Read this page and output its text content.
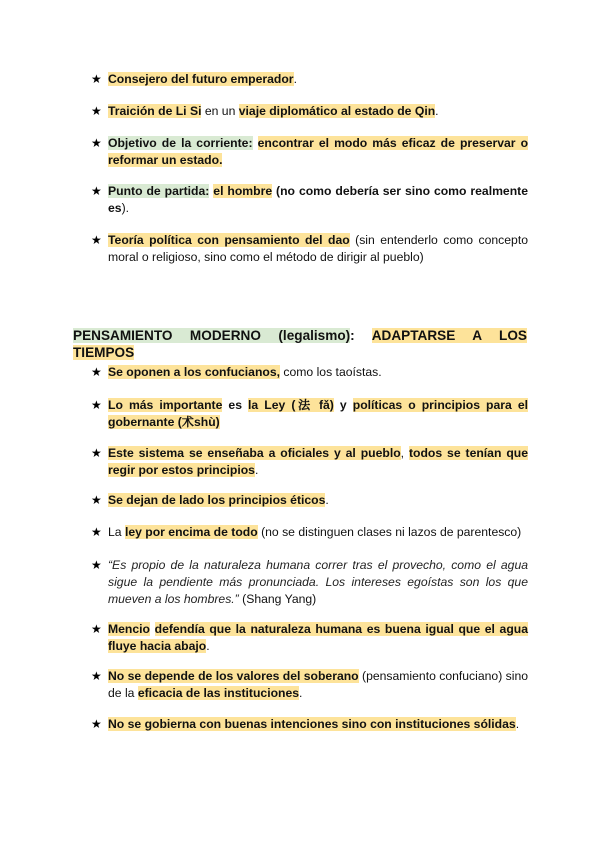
★ Consejero del futuro emperador.
★ Traición de Li Si en un viaje diplomático al estado de Qin.
★ Objetivo de la corriente: encontrar el modo más eficaz de preservar o reformar un estado.
★ Punto de partida: el hombre (no como debería ser sino como realmente es).
★ Teoría política con pensamiento del dao (sin entenderlo como concepto moral o religioso, sino como el método de dirigir al pueblo)
PENSAMIENTO MODERNO (legalismo): ADAPTARSE A LOS
TIEMPOS
★ Se oponen a los confucianos, como los taoístas.
★ Lo más importante es la Ley (法 fǎ) y políticas o principios para el gobernante (术shù)
★ Este sistema se enseñaba a oficiales y al pueblo, todos se tenían que regir por estos principios.
★ Se dejan de lado los principios éticos.
★ La ley por encima de todo (no se distinguen clases ni lazos de parentesco)
★ “Es propio de la naturaleza humana correr tras el provecho, como el agua sigue la pendiente más pronunciada. Los intereses egoístas son los que mueven a los hombres.” (Shang Yang)
★ Mencio defendía que la naturaleza humana es buena igual que el agua fluye hacia abajo.
★ No se depende de los valores del soberano (pensamiento confuciano) sino de la eficacia de las instituciones.
★ No se gobierna con buenas intenciones sino con instituciones sólidas.
